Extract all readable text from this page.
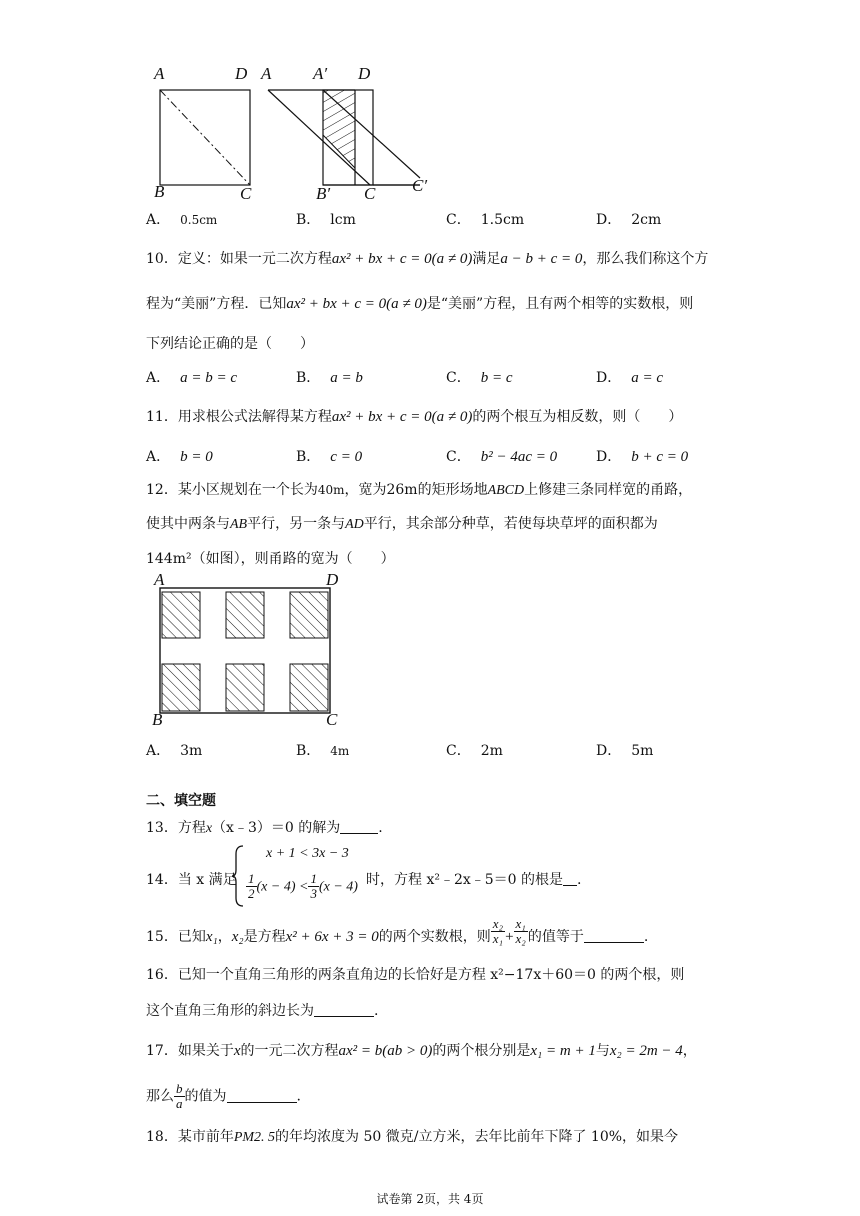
A	D
B	C
A A′ D
B′ C C′
A． 0.5cm	B． lcm	C． 1.5cm	D． 2cm
10．定义：如果一元二次方程ax² + bx + c = 0(a ≠ 0)满足a − b + c = 0，那么我们称这个方
程为“美丽”方程．已知ax² + bx + c = 0(a ≠ 0)是“美丽”方程，且有两个相等的实数根，则
下列结论正确的是（　　）
A． a = b = c	B． a = b	C． b = c	D． a = c
11．用求根公式法解得某方程ax² + bx + c = 0(a ≠ 0)的两个根互为相反数，则（　　）
A． b = 0	B． c = 0	C． b² − 4ac = 0	D． b + c = 0
12．某小区规划在一个长为40m，宽为26m的矩形场地ABCD上修建三条同样宽的甬路，
使其中两条与AB平行，另一条与AD平行，其余部分种草，若使每块草坪的面积都为
144m²（如图），则甬路的宽为（　　）
A	D
B	C
A． 3m	B． 4m	C． 2m	D． 5m
二、填空题
13．方程x（x﹣3）＝0 的解为	.
14．当 x 满足
x + 1 < 3x − 3
$\frac{1}{2} (x - 4) < \frac{1}{3} (x - 4)$ 时，方程 x²﹣2x﹣5＝0 的根是 .
15．已知x₁，x₂是方程x² + 6x + 3 = 0的两个实数根，则 $\frac{\text{x₂}}{\text{x₁}} + \frac{\text{x₁}}{\text{x₂}}$ 的值等于	.
16．已知一个直角三角形的两条直角边的长恰好是方程 x²−17x＋60＝0 的两个根，则
这个直角三角形的斜边长为	.
17．如果关于x的一元二次方程ax² = b(ab > 0)的两个根分别是x₁ = m + 1与x₂ = 2m − 4，
那么 $\frac{b}{a}$ 的值为	.
18．某市前年PM2. 5的年均浓度为 50 微克/立方米，去年比前年下降了 10%，如果今
试卷第 2页，共 4页
